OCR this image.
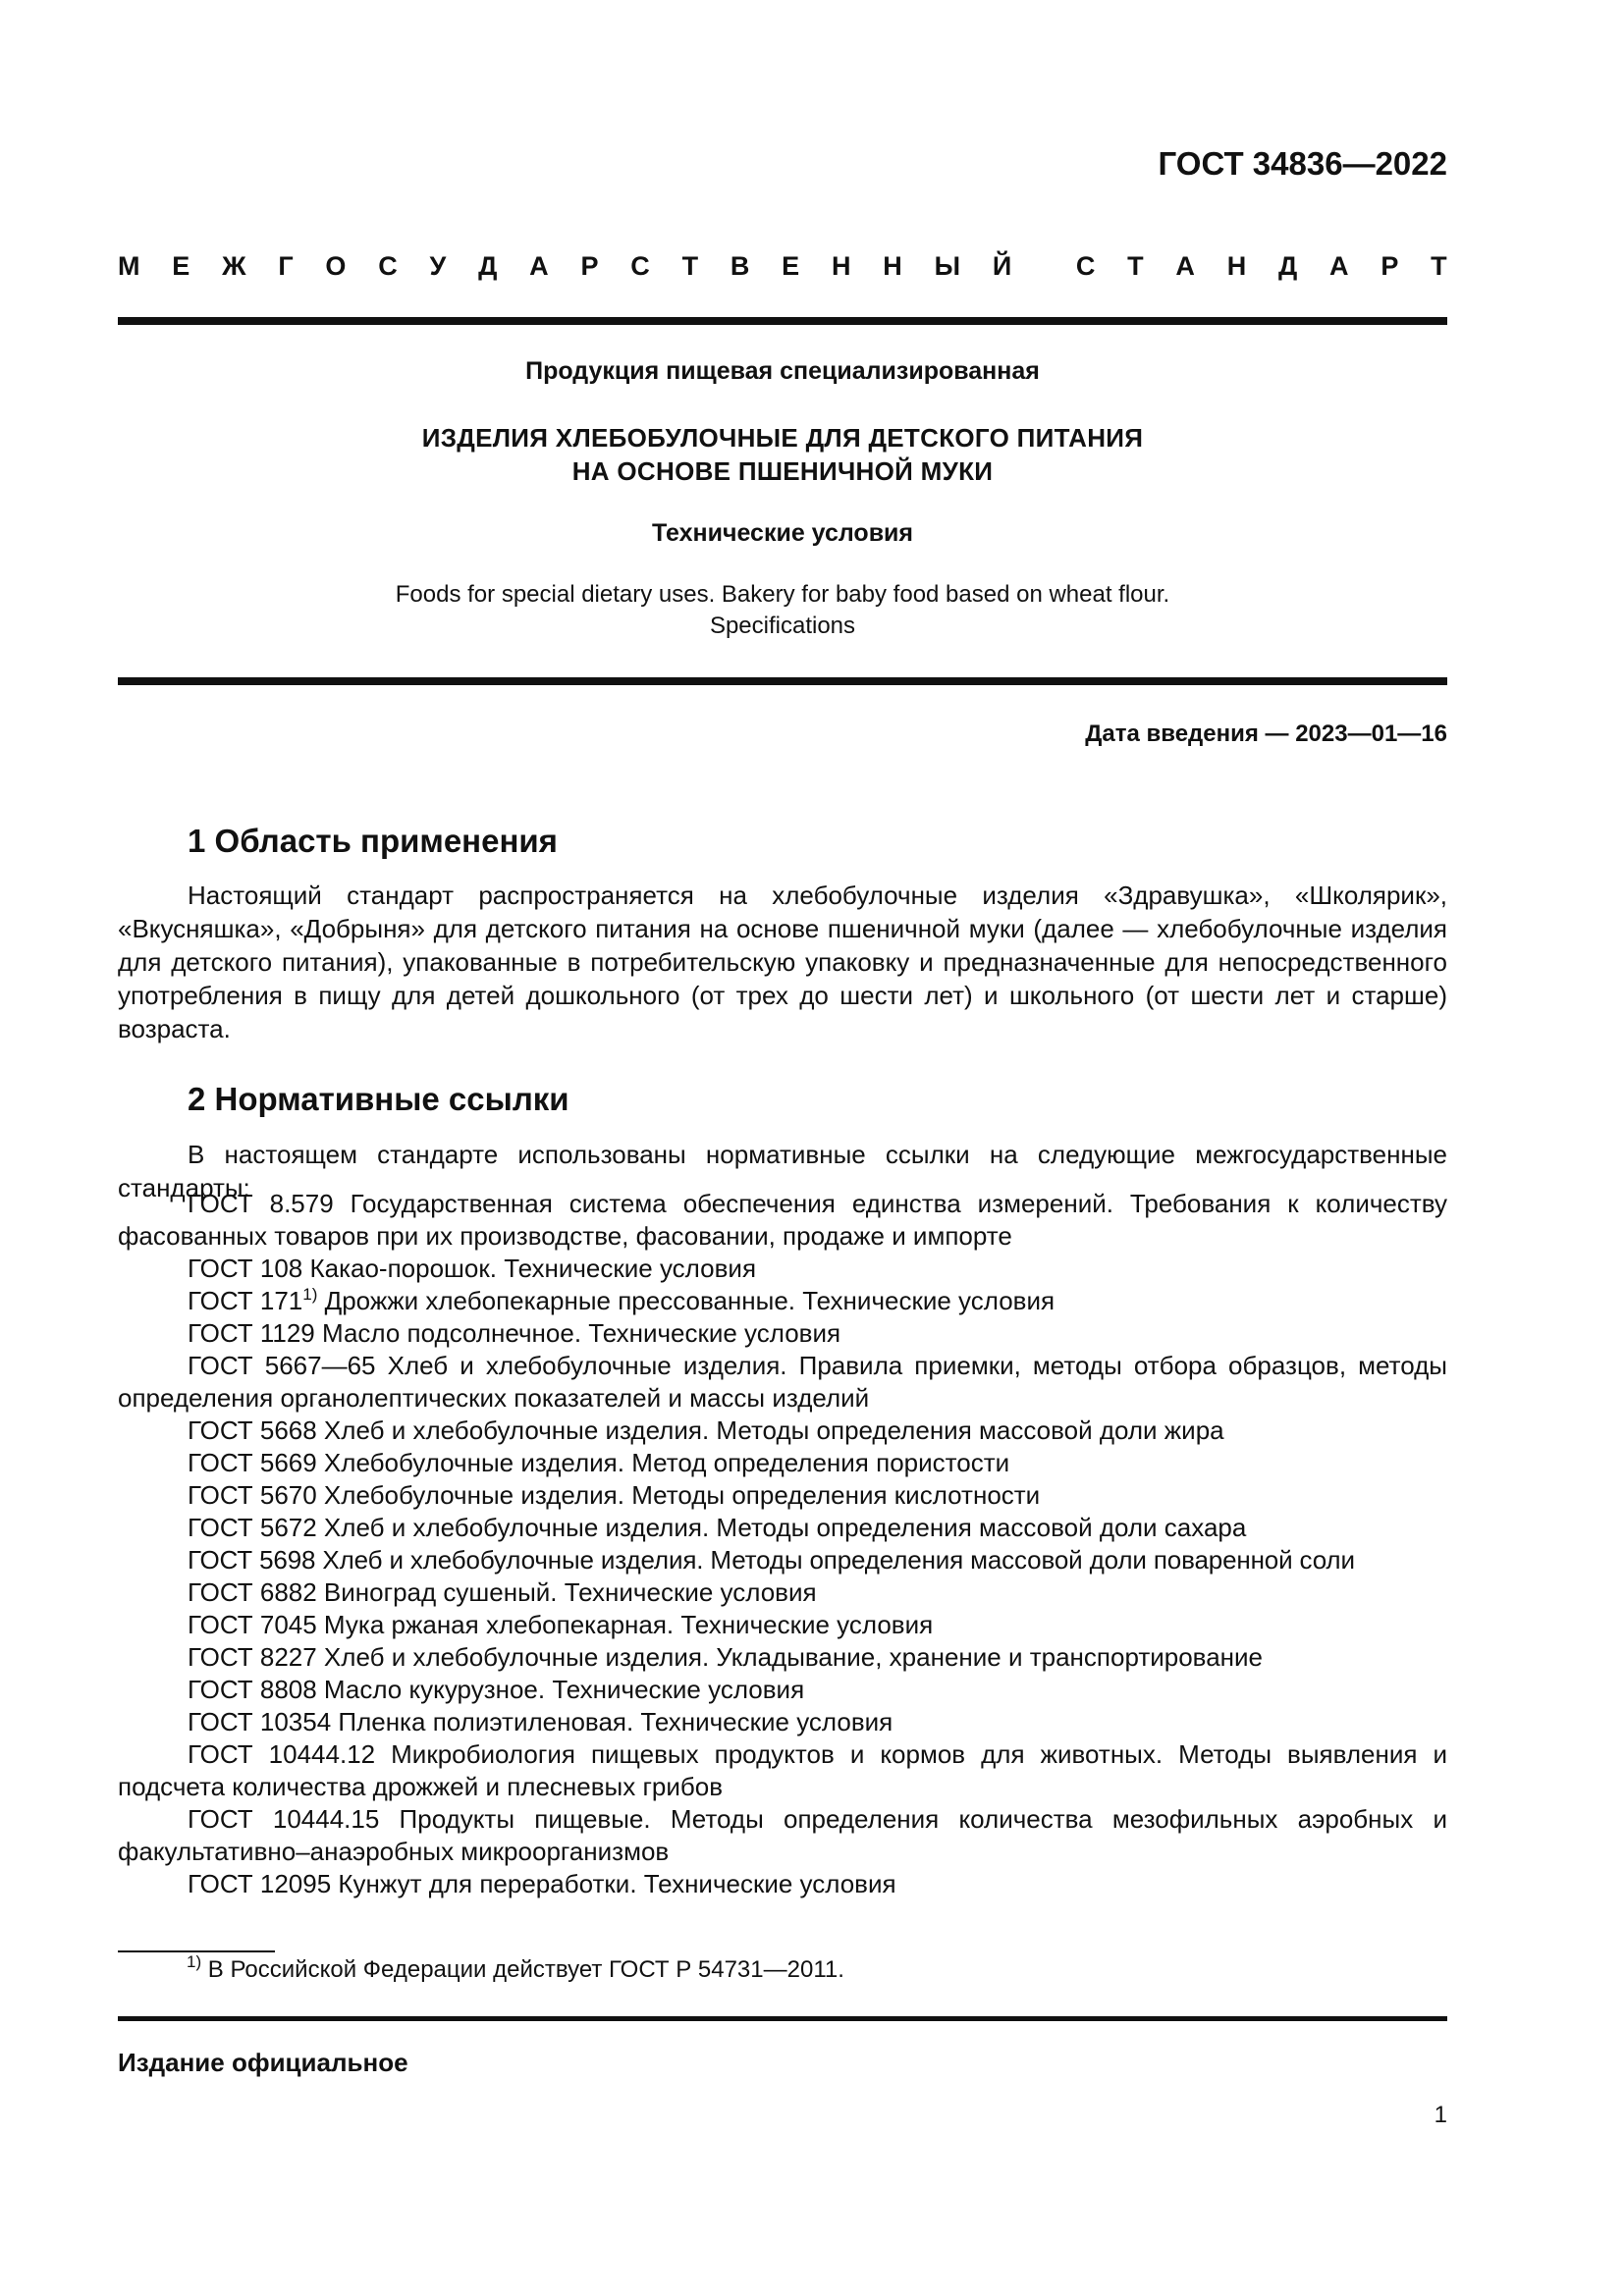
ГОСТ 34836—2022

М Е Ж Г О С У Д А Р С Т В Е Н Н Ы Й С Т А Н Д А Р Т

Продукция пищевая специализированная

ИЗДЕЛИЯ ХЛЕБОБУЛОЧНЫЕ ДЛЯ ДЕТСКОГО ПИТАНИЯ
НА ОСНОВЕ ПШЕНИЧНОЙ МУКИ

Технические условия

Foods for special dietary uses. Bakery for baby food based on wheat flour.
Specifications

Дата введения — 2023—01—16

1 Область применения

Настоящий стандарт распространяется на хлебобулочные изделия «Здравушка», «Школярик», «Вкусняшка», «Добрыня» для детского питания на основе пшеничной муки (далее — хлебобулочные изделия для детского питания), упакованные в потребительскую упаковку и предназначенные для непосредственного употребления в пищу для детей дошкольного (от трех до шести лет) и школьного (от шести лет и старше) возраста.

2 Нормативные ссылки

В настоящем стандарте использованы нормативные ссылки на следующие межгосударственные стандарты:

ГОСТ 8.579 Государственная система обеспечения единства измерений. Требования к количеству фасованных товаров при их производстве, фасовании, продаже и импорте

ГОСТ 108 Какао-порошок. Технические условия

ГОСТ 171$^{1)}$ Дрожжи хлебопекарные прессованные. Технические условия

ГОСТ 1129 Масло подсолнечное. Технические условия

ГОСТ 5667—65 Хлеб и хлебобулочные изделия. Правила приемки, методы отбора образцов, методы определения органолептических показателей и массы изделий

ГОСТ 5668 Хлеб и хлебобулочные изделия. Методы определения массовой доли жира

ГОСТ 5669 Хлебобулочные изделия. Метод определения пористости

ГОСТ 5670 Хлебобулочные изделия. Методы определения кислотности

ГОСТ 5672 Хлеб и хлебобулочные изделия. Методы определения массовой доли сахара

ГОСТ 5698 Хлеб и хлебобулочные изделия. Методы определения массовой доли поваренной соли

ГОСТ 6882 Виноград сушеный. Технические условия

ГОСТ 7045 Мука ржаная хлебопекарная. Технические условия

ГОСТ 8227 Хлеб и хлебобулочные изделия. Укладывание, хранение и транспортирование

ГОСТ 8808 Масло кукурузное. Технические условия

ГОСТ 10354 Пленка полиэтиленовая. Технические условия

ГОСТ 10444.12 Микробиология пищевых продуктов и кормов для животных. Методы выявления и подсчета количества дрожжей и плесневых грибов

ГОСТ 10444.15 Продукты пищевые. Методы определения количества мезофильных аэробных и факультативно–анаэробных микроорганизмов

ГОСТ 12095 Кунжут для переработки. Технические условия

$^{1)}$ В Российской Федерации действует ГОСТ Р 54731—2011.

Издание официальное

1
